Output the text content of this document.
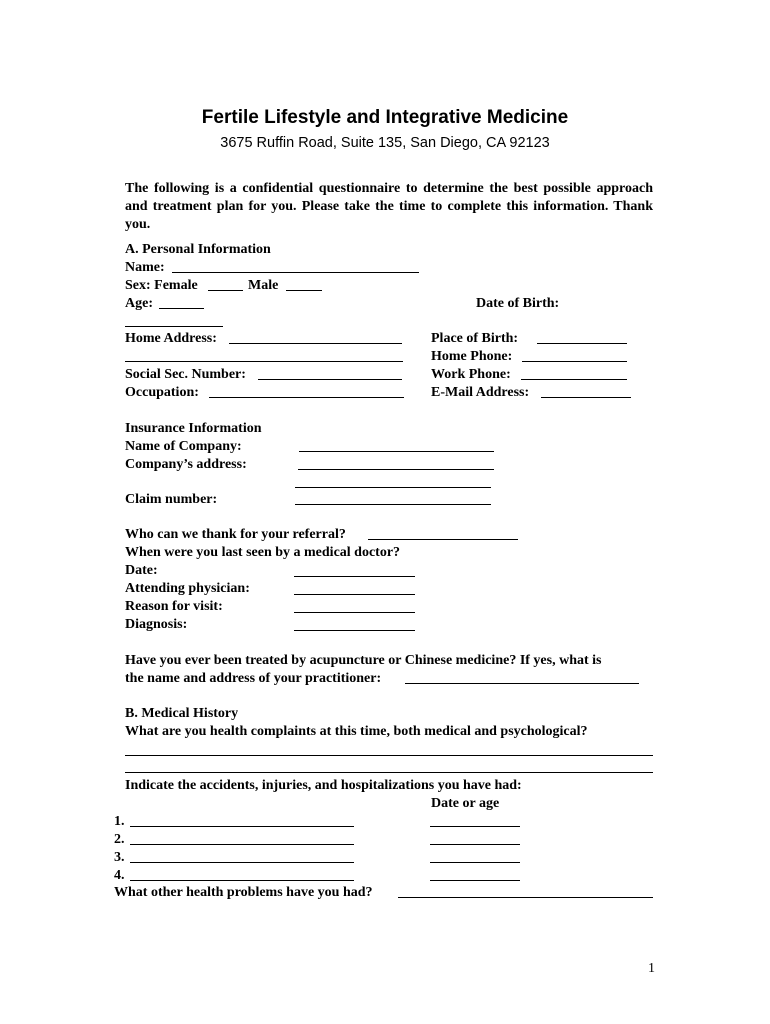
Fertile Lifestyle and Integrative Medicine
3675 Ruffin Road, Suite 135, San Diego, CA 92123
The following is a confidential questionnaire to determine the best possible approach and treatment plan for you. Please take the time to complete this information. Thank you.
A. Personal Information
Name:
Sex: Female	Male
Age:	Date of Birth:
Home Address:
Social Sec. Number:
Occupation:
Place of Birth:
Home Phone:
Work Phone:
E-Mail Address:
Insurance Information
Name of Company:
Company’s address:
Claim number:
Who can we thank for your referral?
When were you last seen by a medical doctor?
Date:
Attending physician:
Reason for visit:
Diagnosis:
Have you ever been treated by acupuncture or Chinese medicine? If yes, what is
the name and address of your practitioner:
B. Medical History
What are you health complaints at this time, both medical and psychological?
Indicate the accidents, injuries, and hospitalizations you have had:
Date or age
1.
2.
3.
4.
What other health problems have you had?
1
